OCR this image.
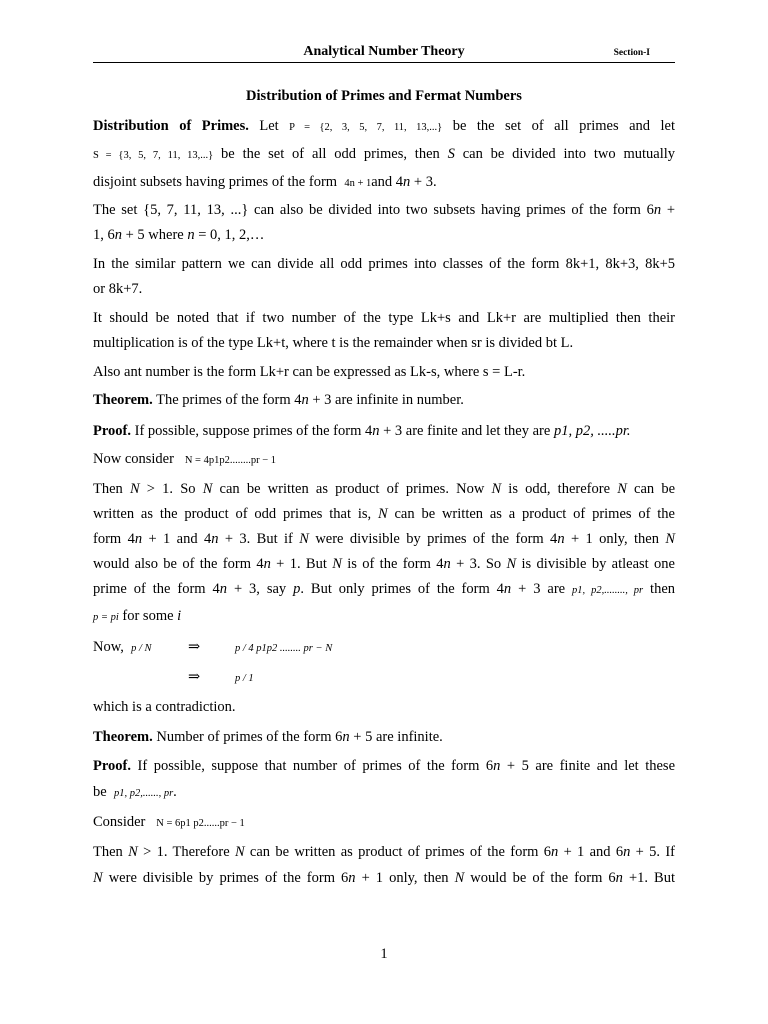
Analytical Number Theory	Section-I
Distribution of Primes and Fermat Numbers
Distribution of Primes. Let P = {2, 3, 5, 7, 11, 13,...} be the set of all primes and let
S = {3, 5, 7, 11, 13,...} be the set of all odd primes, then S can be divided into two mutually
disjoint subsets having primes of the form 4n + 1and 4n + 3.
The set {5, 7, 11, 13, ...} can also be divided into two subsets having primes of the form 6n +
1, 6n + 5 where n = 0, 1, 2,…
In the similar pattern we can divide all odd primes into classes of the form 8k+1, 8k+3, 8k+5
or 8k+7.
It should be noted that if two number of the type Lk+s and Lk+r are multiplied then their
multiplication is of the type Lk+t, where t is the remainder when sr is divided bt L.
Also ant number is the form Lk+r can be expressed as Lk-s, where s = L-r.
Theorem. The primes of the form 4n + 3 are infinite in number.
Proof. If possible, suppose primes of the form 4n + 3 are finite and let they are p1, p2, .....pr.
Now consider N = 4p1p2........pr − 1
Then N > 1. So N can be written as product of primes. Now N is odd, therefore N can be
written as the product of odd primes that is, N can be written as a product of primes of the
form 4n + 1 and 4n + 3. But if N were divisible by primes of the form 4n + 1 only, then N
would also be of the form 4n + 1. But N is of the form 4n + 3. So N is divisible by atleast one
prime of the form 4n + 3, say p. But only primes of the form 4n + 3 are p1, p2,........, pr then
p = pi for some i
Now, p / N	⇒	p / 4 p1p2 ........ pr − N
⇒	p / 1
which is a contradiction.
Theorem. Number of primes of the form 6n + 5 are infinite.
Proof. If possible, suppose that number of primes of the form 6n + 5 are finite and let these
be p1, p2,......, pr.
Consider N = 6p1 p2......pr − 1
Then N > 1. Therefore N can be written as product of primes of the form 6n + 1 and 6n + 5. If
N were divisible by primes of the form 6n + 1 only, then N would be of the form 6n +1. But
1
